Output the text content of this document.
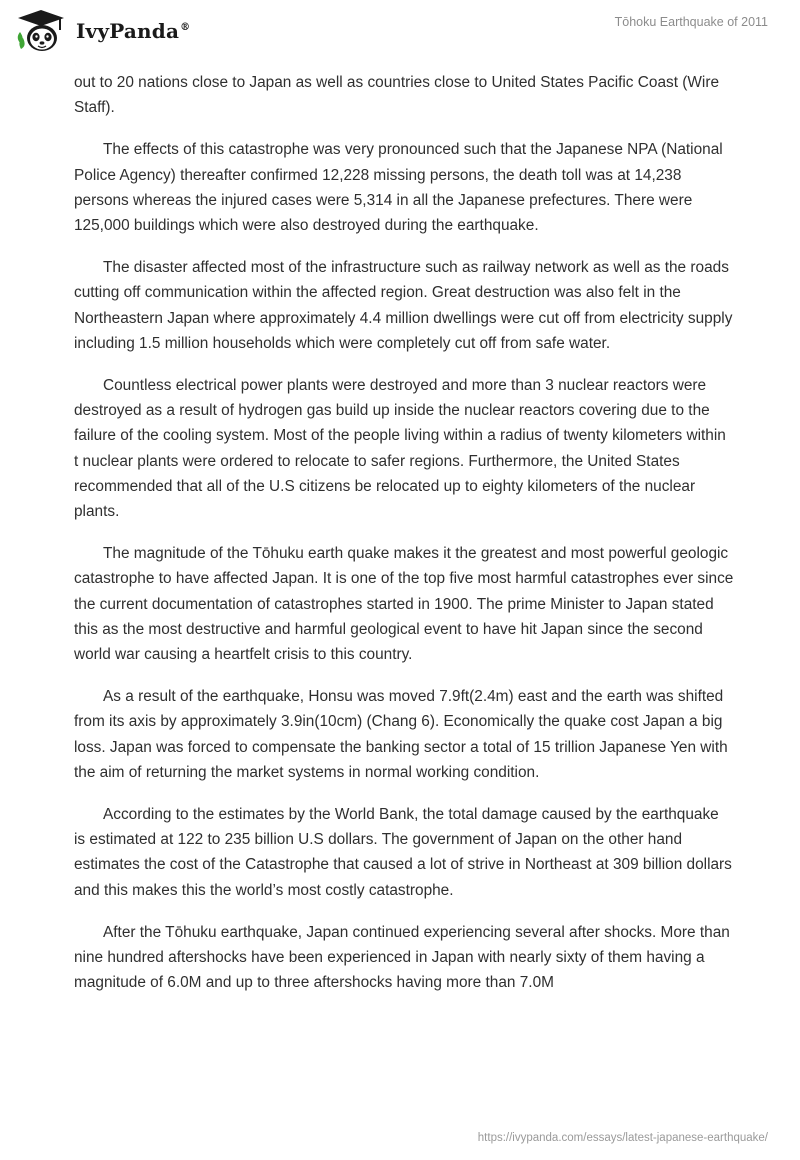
IvyPanda®	Tōhoku Earthquake of 2011

out to 20 nations close to Japan as well as countries close to United States Pacific Coast (Wire Staff).

The effects of this catastrophe was very pronounced such that the Japanese NPA (National Police Agency) thereafter confirmed 12,228 missing persons, the death toll was at 14,238 persons whereas the injured cases were 5,314 in all the Japanese prefectures. There were 125,000 buildings which were also destroyed during the earthquake.

The disaster affected most of the infrastructure such as railway network as well as the roads cutting off communication within the affected region. Great destruction was also felt in the Northeastern Japan where approximately 4.4 million dwellings were cut off from electricity supply including 1.5 million households which were completely cut off from safe water.

Countless electrical power plants were destroyed and more than 3 nuclear reactors were destroyed as a result of hydrogen gas build up inside the nuclear reactors covering due to the failure of the cooling system. Most of the people living within a radius of twenty kilometers within t nuclear plants were ordered to relocate to safer regions. Furthermore, the United States recommended that all of the U.S citizens be relocated up to eighty kilometers of the nuclear plants.

The magnitude of the Tōhuku earth quake makes it the greatest and most powerful geologic catastrophe to have affected Japan. It is one of the top five most harmful catastrophes ever since the current documentation of catastrophes started in 1900. The prime Minister to Japan stated this as the most destructive and harmful geological event to have hit Japan since the second world war causing a heartfelt crisis to this country.

As a result of the earthquake, Honsu was moved 7.9ft(2.4m) east and the earth was shifted from its axis by approximately 3.9in(10cm) (Chang 6). Economically the quake cost Japan a big loss. Japan was forced to compensate the banking sector a total of 15 trillion Japanese Yen with the aim of returning the market systems in normal working condition.

According to the estimates by the World Bank, the total damage caused by the earthquake is estimated at 122 to 235 billion U.S dollars. The government of Japan on the other hand estimates the cost of the Catastrophe that caused a lot of strive in Northeast at 309 billion dollars and this makes this the world’s most costly catastrophe.

After the Tōhuku earthquake, Japan continued experiencing several after shocks. More than nine hundred aftershocks have been experienced in Japan with nearly sixty of them having a magnitude of 6.0M and up to three aftershocks having more than 7.0M

https://ivypanda.com/essays/latest-japanese-earthquake/
